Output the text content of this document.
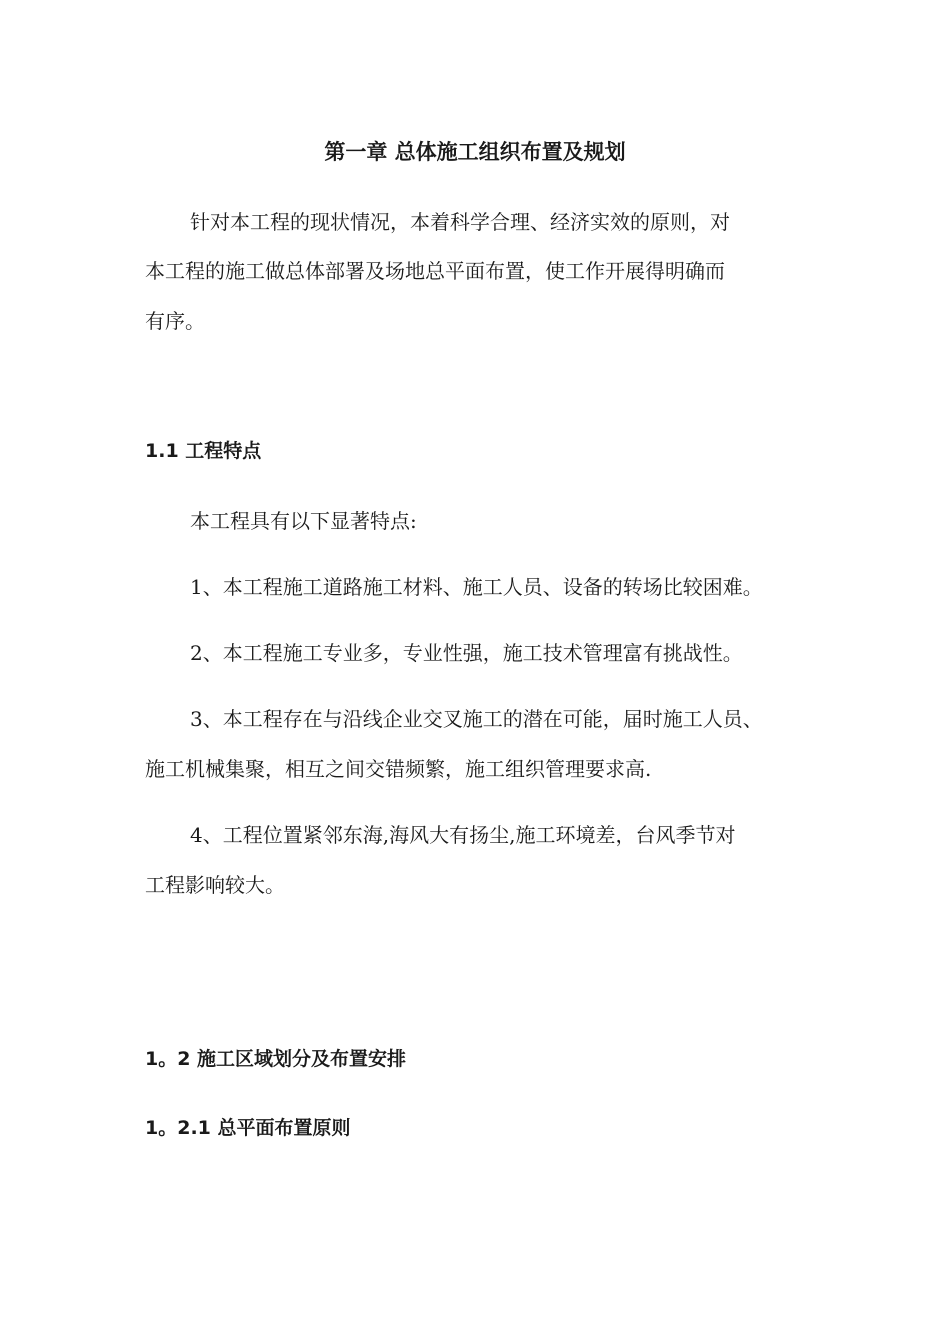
第一章 总体施工组织布置及规划

针对本工程的现状情况，本着科学合理、经济实效的原则，对

本工程的施工做总体部署及场地总平面布置，使工作开展得明确而

有序。

1.1 工程特点

本工程具有以下显著特点:

1、本工程施工道路施工材料、施工人员、设备的转场比较困难。

2、本工程施工专业多，专业性强，施工技术管理富有挑战性。

3、本工程存在与沿线企业交叉施工的潜在可能，届时施工人员、

施工机械集聚，相互之间交错频繁，施工组织管理要求高.

4、工程位置紧邻东海,海风大有扬尘,施工环境差，台风季节对

工程影响较大。

1。2 施工区域划分及布置安排
1。2.1 总平面布置原则
